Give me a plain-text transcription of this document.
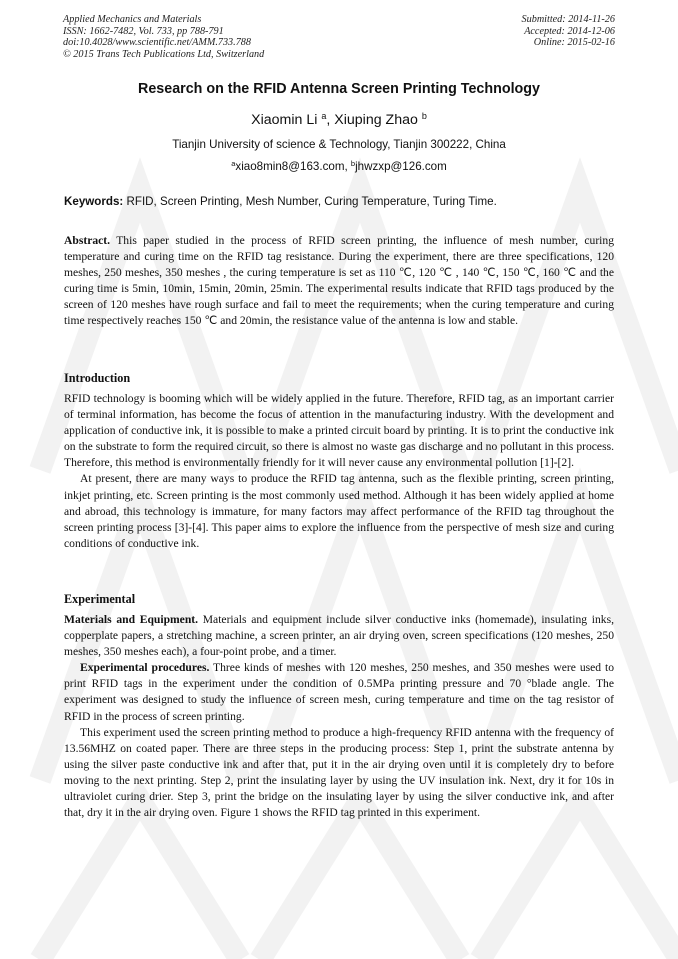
Applied Mechanics and Materials
ISSN: 1662-7482, Vol. 733, pp 788-791
doi:10.4028/www.scientific.net/AMM.733.788
© 2015 Trans Tech Publications Ltd, Switzerland
Submitted: 2014-11-26
Accepted: 2014-12-06
Online: 2015-02-16
Research on the RFID Antenna Screen Printing Technology
Xiaomin Li $^a$, Xiuping Zhao $^b$
Tianjin University of science & Technology, Tianjin 300222, China
$^a$xiao8min8@163.com, $^b$jhwzxp@126.com
Keywords: RFID, Screen Printing, Mesh Number, Curing Temperature, Turing Time.

Abstract. This paper studied in the process of RFID screen printing, the influence of mesh number, curing temperature and curing time on the RFID tag resistance. During the experiment, there are three specifications, 120 meshes, 250 meshes, 350 meshes , the curing temperature is set as 110 ℃, 120 ℃ , 140 ℃, 150 ℃, 160 ℃ and the curing time is 5min, 10min, 15min, 20min, 25min. The experimental results indicate that RFID tags produced by the screen of 120 meshes have rough surface and fail to meet the requirements; when the curing temperature and curing time respectively reaches 150 ℃ and 20min, the resistance value of the antenna is low and stable.

Introduction

RFID technology is booming which will be widely applied in the future. Therefore, RFID tag, as an important carrier of terminal information, has become the focus of attention in the manufacturing industry. With the development and application of conductive ink, it is possible to make a printed circuit board by printing. It is to print the conductive ink on the substrate to form the required circuit, so there is almost no waste gas discharge and no pollutant in this process. Therefore, this method is environmentally friendly for it will never cause any environmental pollution [1]-[2].

At present, there are many ways to produce the RFID tag antenna, such as the flexible printing, screen printing, inkjet printing, etc. Screen printing is the most commonly used method. Although it has been widely applied at home and abroad, this technology is immature, for many factors may affect performance of the RFID tag throughout the screen printing process [3]-[4]. This paper aims to explore the influence from the perspective of mesh size and curing conditions of conductive ink.

Experimental

Materials and Equipment. Materials and equipment include silver conductive inks (homemade), insulating inks, copperplate papers, a stretching machine, a screen printer, an air drying oven, screen specifications (120 meshes, 250 meshes, 350 meshes each), a four-point probe, and a timer.

Experimental procedures. Three kinds of meshes with 120 meshes, 250 meshes, and 350 meshes were used to print RFID tags in the experiment under the condition of 0.5MPa printing pressure and 70 °blade angle. The experiment was designed to study the influence of screen mesh, curing temperature and time on the tag resistor of RFID in the process of screen printing.

This experiment used the screen printing method to produce a high-frequency RFID antenna with the frequency of 13.56MHZ on coated paper. There are three steps in the producing process: Step 1, print the substrate antenna by using the silver paste conductive ink and after that, put it in the air drying oven until it is completely dry to before moving to the next printing. Step 2, print the insulating layer by using the UV insulation ink. Next, dry it for 10s in ultraviolet curing drier. Step 3, print the bridge on the insulating layer by using the silver conductive ink, and after that, dry it in the air drying oven. Figure 1 shows the RFID tag printed in this experiment.
